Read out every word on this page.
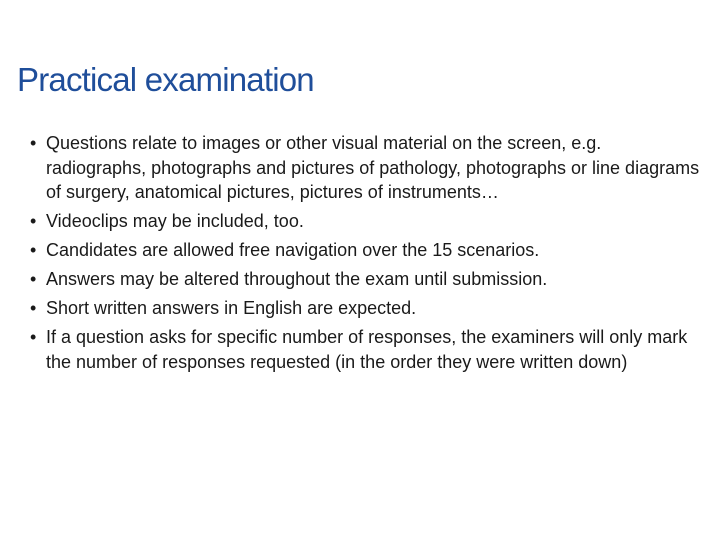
Practical examination
• Questions relate to images or other visual material on the screen, e.g. radiographs, photographs and pictures of pathology, photographs or line diagrams of surgery, anatomical pictures, pictures of instruments…
• Videoclips may be included, too.
• Candidates are allowed free navigation over the 15 scenarios.
• Answers may be altered throughout the exam until submission.
• Short written answers in English are expected.
• If a question asks for specific number of responses, the examiners will only mark the number of responses requested (in the order they were written down)
